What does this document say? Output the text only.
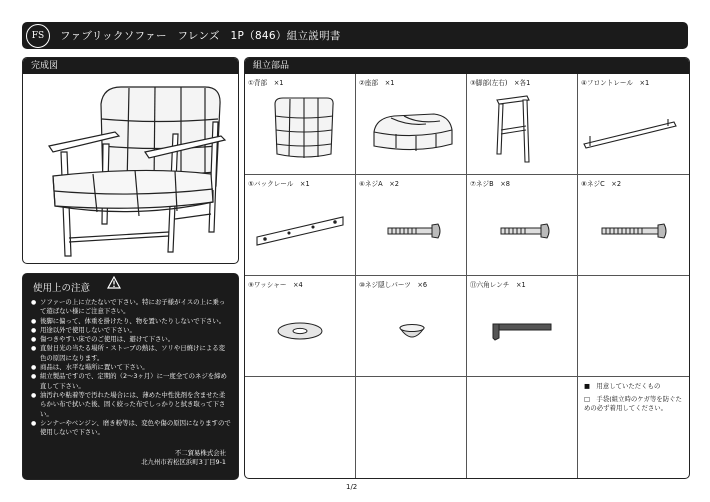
FS	ファブリックソファー　フレンズ　1P（846）組立説明書
完成図
使用上の注意
● ソファーの上に立たないで下さい。特にお子様がイスの上に乗って遊ばない様にご注意下さい。
● 後脚に偏って、体重を掛けたり、物を置いたりしないで下さい。
● 用途以外で使用しないで下さい。
● 傷つきやすい床でのご使用は、避けて下さい。
● 直射日光の当たる場所・ストーブの熱は、ソリや日焼けによる変色の原因になります。
● 商品は、水平な場所に置いて下さい。
● 組立製品ですので、定期的（2〜3ヶ月）に一度全てのネジを締め直して下さい。
● 油汚れや粘着等で汚れた場合には、薄めた中性洗剤を含ませた柔らかい布で拭いた後、固く絞った布でしっかりと拭き取って下さい。
● シンナーやベンジン、磨き粉等は、変色や傷の原因になりますので使用しないで下さい。
不二貿易株式会社
北九州市若松区浜町3丁目9-1
組立部品
①背部　×1	②座部　×1	③脚部(左右)　×各1	④フロントレール　×1
⑤バックレール　×1	⑥ネジA　×2	⑦ネジB　×8	⑧ネジC　×2
⑨ワッシャー　×4	⑩ネジ隠しパーツ　×6	⑪六角レンチ　×1
■　用意していただくもの
□　手袋(組立時のケガ等を防ぐための必ず着用してください。
1/2
